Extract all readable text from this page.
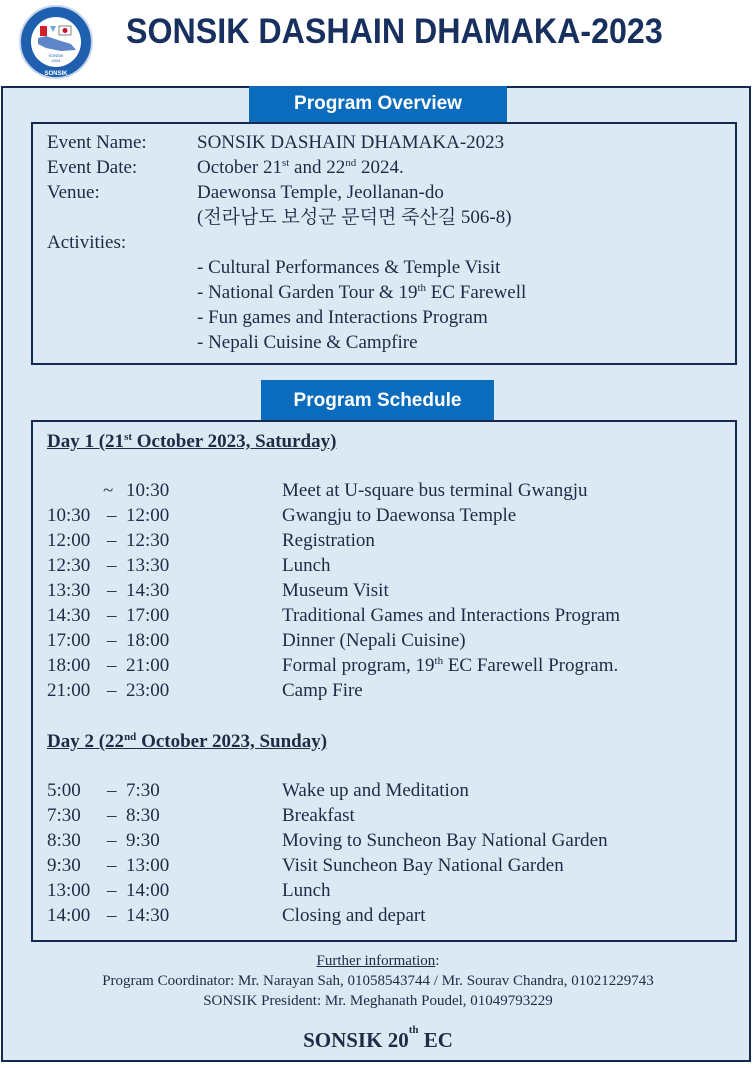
SONSIK
2004
SONSIK
SONSIK DASHAIN DHAMAKA-2023
Program Overview
Event Name:	SONSIK DASHAIN DHAMAKA-2023
Event Date:	October 21st and 22nd 2024.
Venue:	Daewonsa Temple, Jeollanan-do
(전라남도 보성군 문덕면 죽산길 506-8)
Activities:
- Cultural Performances & Temple Visit
- National Garden Tour & 19th EC Farewell
- Fun games and Interactions Program
- Nepali Cuisine & Campfire
Program Schedule
Day 1 (21st October 2023, Saturday)
~ 10:30	Meet at U-square bus terminal Gwangju
10:30 – 12:00	Gwangju to Daewonsa Temple
12:00 – 12:30	Registration
12:30 – 13:30	Lunch
13:30 – 14:30	Museum Visit
14:30 – 17:00	Traditional Games and Interactions Program
17:00 – 18:00	Dinner (Nepali Cuisine)
18:00 – 21:00	Formal program, 19th EC Farewell Program.
21:00 – 23:00	Camp Fire
Day 2 (22nd October 2023, Sunday)
5:00 – 7:30	Wake up and Meditation
7:30 – 8:30	Breakfast
8:30 – 9:30	Moving to Suncheon Bay National Garden
9:30 – 13:00	Visit Suncheon Bay National Garden
13:00 – 14:00	Lunch
14:00 – 14:30	Closing and depart
Further information:
Program Coordinator: Mr. Narayan Sah, 01058543744 / Mr. Sourav Chandra, 01021229743
SONSIK President: Mr. Meghanath Poudel, 01049793229
SONSIK 20th EC
